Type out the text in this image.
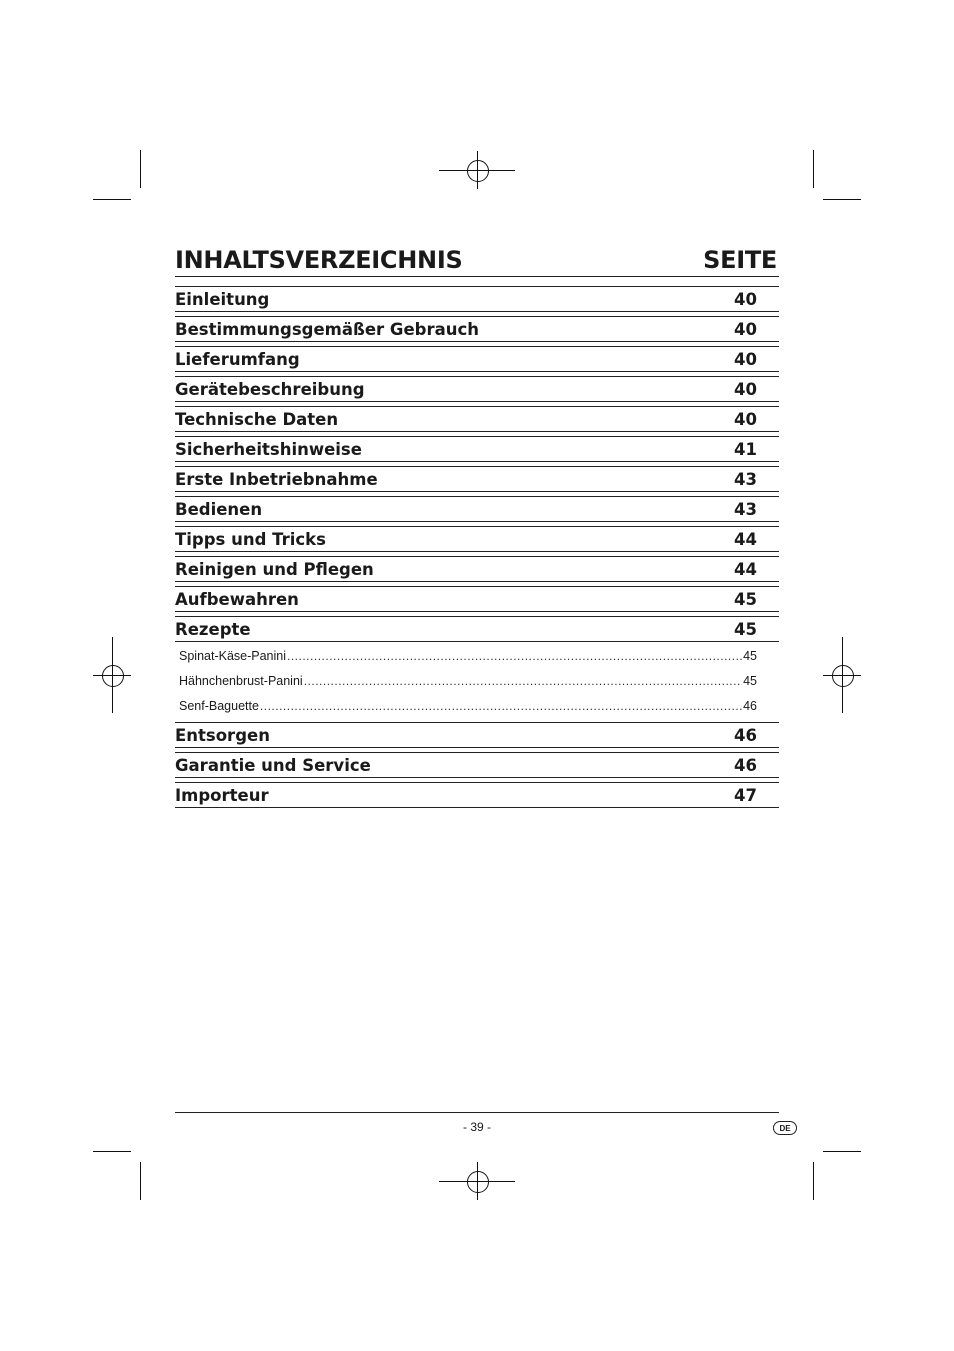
INHALTSVERZEICHNIS	SEITE
Einleitung	40
Bestimmungsgemäßer Gebrauch	40
Lieferumfang	40
Gerätebeschreibung	40
Technische Daten	40
Sicherheitshinweise	41
Erste Inbetriebnahme	43
Bedienen	43
Tipps und Tricks	44
Reinigen und Pflegen	44
Aufbewahren	45
Rezepte	45
Spinat-Käse-Panini .....	45
Hähnchenbrust-Panini .....	45
Senf-Baguette .....	46
Entsorgen	46
Garantie und Service	46
Importeur	47
- 39 -	DE
